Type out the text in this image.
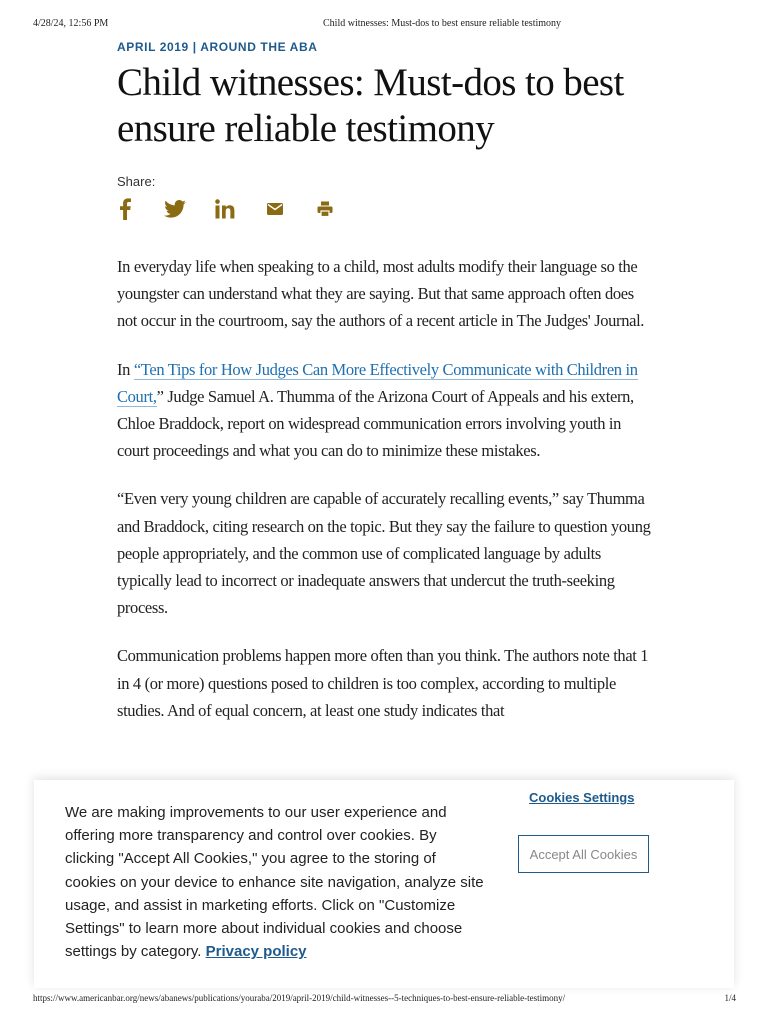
4/28/24, 12:56 PM	Child witnesses: Must-dos to best ensure reliable testimony
APRIL 2019 | AROUND THE ABA
Child witnesses: Must-dos to best ensure reliable testimony
Share:

In everyday life when speaking to a child, most adults modify their language so the youngster can understand what they are saying. But that same approach often does not occur in the courtroom, say the authors of a recent article in The Judges' Journal.

In “Ten Tips for How Judges Can More Effectively Communicate with Children in Court,” Judge Samuel A. Thumma of the Arizona Court of Appeals and his extern, Chloe Braddock, report on widespread communication errors involving youth in court proceedings and what you can do to minimize these mistakes.

“Even very young children are capable of accurately recalling events,” say Thumma and Braddock, citing research on the topic. But they say the failure to question young people appropriately, and the common use of complicated language by adults typically lead to incorrect or inadequate answers that undercut the truth-seeking process.

Communication problems happen more often than you think. The authors note that 1 in 4 (or more) questions posed to children is too complex, according to multiple studies. And of equal concern, at least one study indicates that

We are making improvements to our user experience and offering more transparency and control over cookies. By clicking "Accept All Cookies," you agree to the storing of cookies on your device to enhance site navigation, analyze site usage, and assist in marketing efforts. Click on "Customize Settings" to learn more about individual cookies and choose settings by category. Privacy policy
Cookies Settings
Accept All Cookies
https://www.americanbar.org/news/abanews/publications/youraba/2019/april-2019/child-witnesses--5-techniques-to-best-ensure-reliable-testimony/	1/4
